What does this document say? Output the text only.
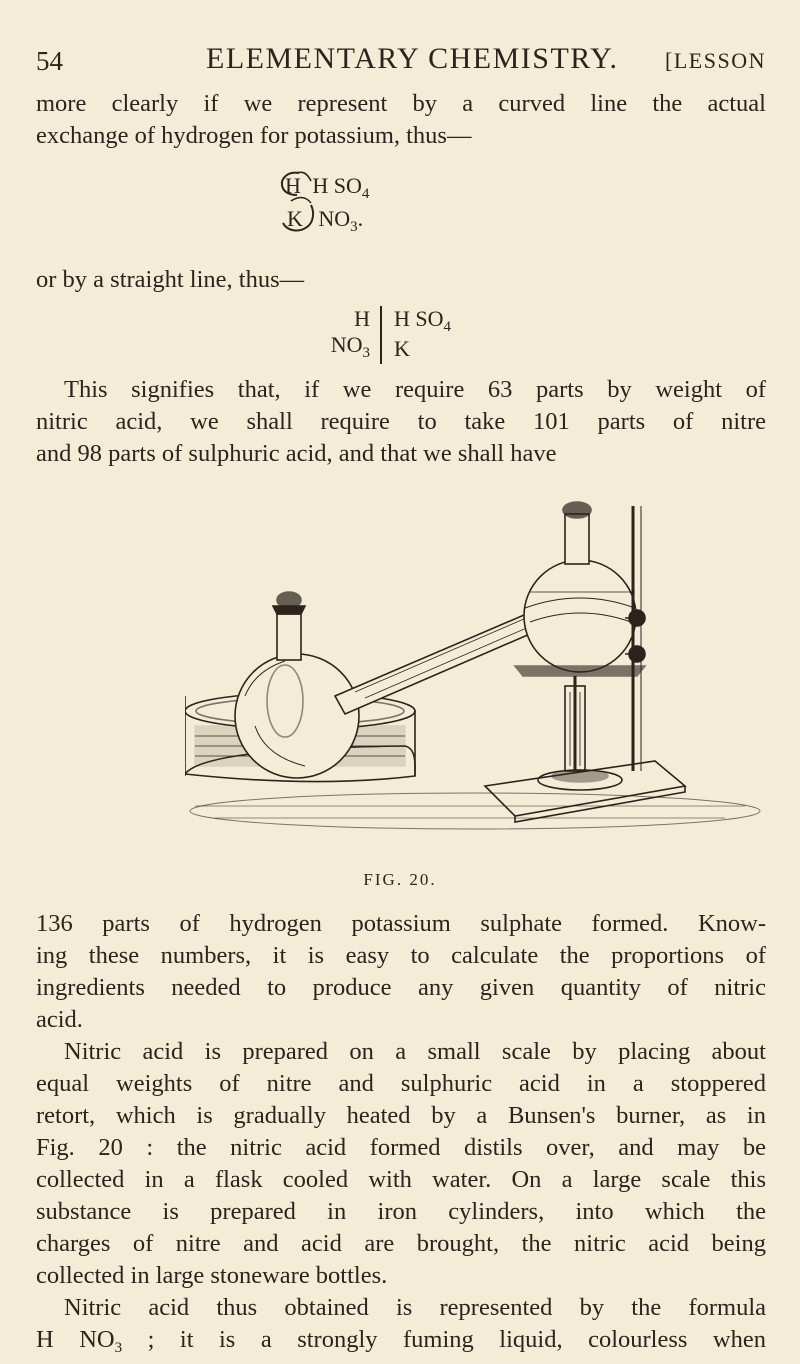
54	ELEMENTARY CHEMISTRY. [LESSON
more clearly if we represent by a curved line the actual
exchange of hydrogen for potassium, thus—
H H $SO_4$
K $NO_3$.
or by a straight line, thus—
H
$NO_3$
H $SO_4$
K
This signifies that, if we require 63 parts by weight of
nitric acid, we shall require to take 101 parts of nitre
and 98 parts of sulphuric acid, and that we shall have
FIG. 20.
136 parts of hydrogen potassium sulphate formed. Know-
ing these numbers, it is easy to calculate the proportions of
ingredients needed to produce any given quantity of nitric
acid.
Nitric acid is prepared on a small scale by placing about
equal weights of nitre and sulphuric acid in a stoppered
retort, which is gradually heated by a Bunsen's burner, as in
Fig. 20 : the nitric acid formed distils over, and may be
collected in a flask cooled with water. On a large scale this
substance is prepared in iron cylinders, into which the
charges of nitre and acid are brought, the nitric acid being
collected in large stoneware bottles.
Nitric acid thus obtained is represented by the formula
H $NO_3$ ; it is a strongly fuming liquid, colourless when
